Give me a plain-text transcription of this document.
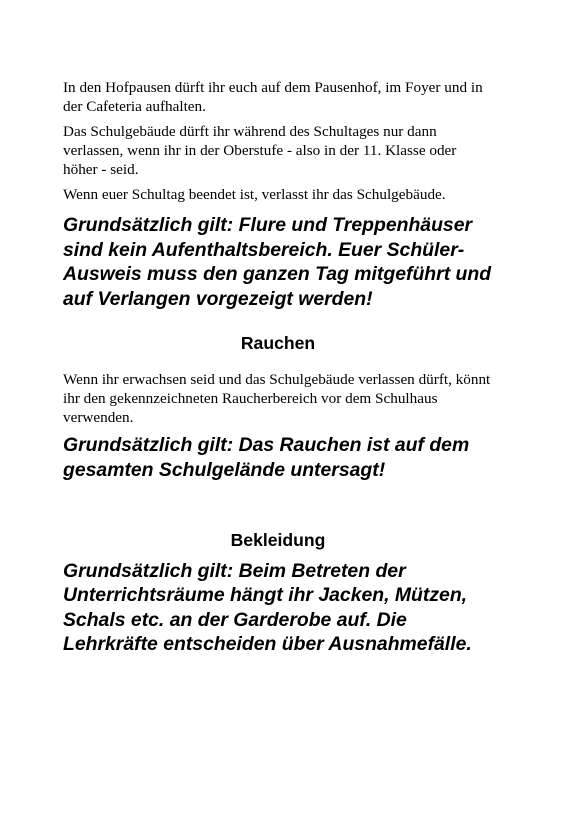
In den Hofpausen dürft ihr euch auf dem Pausenhof, im Foyer und in der Cafeteria aufhalten.

Das Schulgebäude dürft ihr während des Schultages nur dann verlassen, wenn ihr in der Oberstufe - also in der 11. Klasse oder höher - seid.

Wenn euer Schultag beendet ist, verlasst ihr das Schulgebäude.

Grundsätzlich gilt: Flure und Treppenhäuser sind kein Aufenthaltsbereich. Euer Schüler-Ausweis muss den ganzen Tag mitgeführt und auf Verlangen vorgezeigt werden!

Rauchen

Wenn ihr erwachsen seid und das Schulgebäude verlassen dürft, könnt ihr den gekennzeichneten Raucherbereich vor dem Schulhaus verwenden.

Grundsätzlich gilt: Das Rauchen ist auf dem gesamten Schulgelände untersagt!

Bekleidung

Grundsätzlich gilt: Beim Betreten der Unterrichtsräume hängt ihr Jacken, Mützen, Schals etc. an der Garderobe auf. Die Lehrkräfte entscheiden über Ausnahmefälle.
